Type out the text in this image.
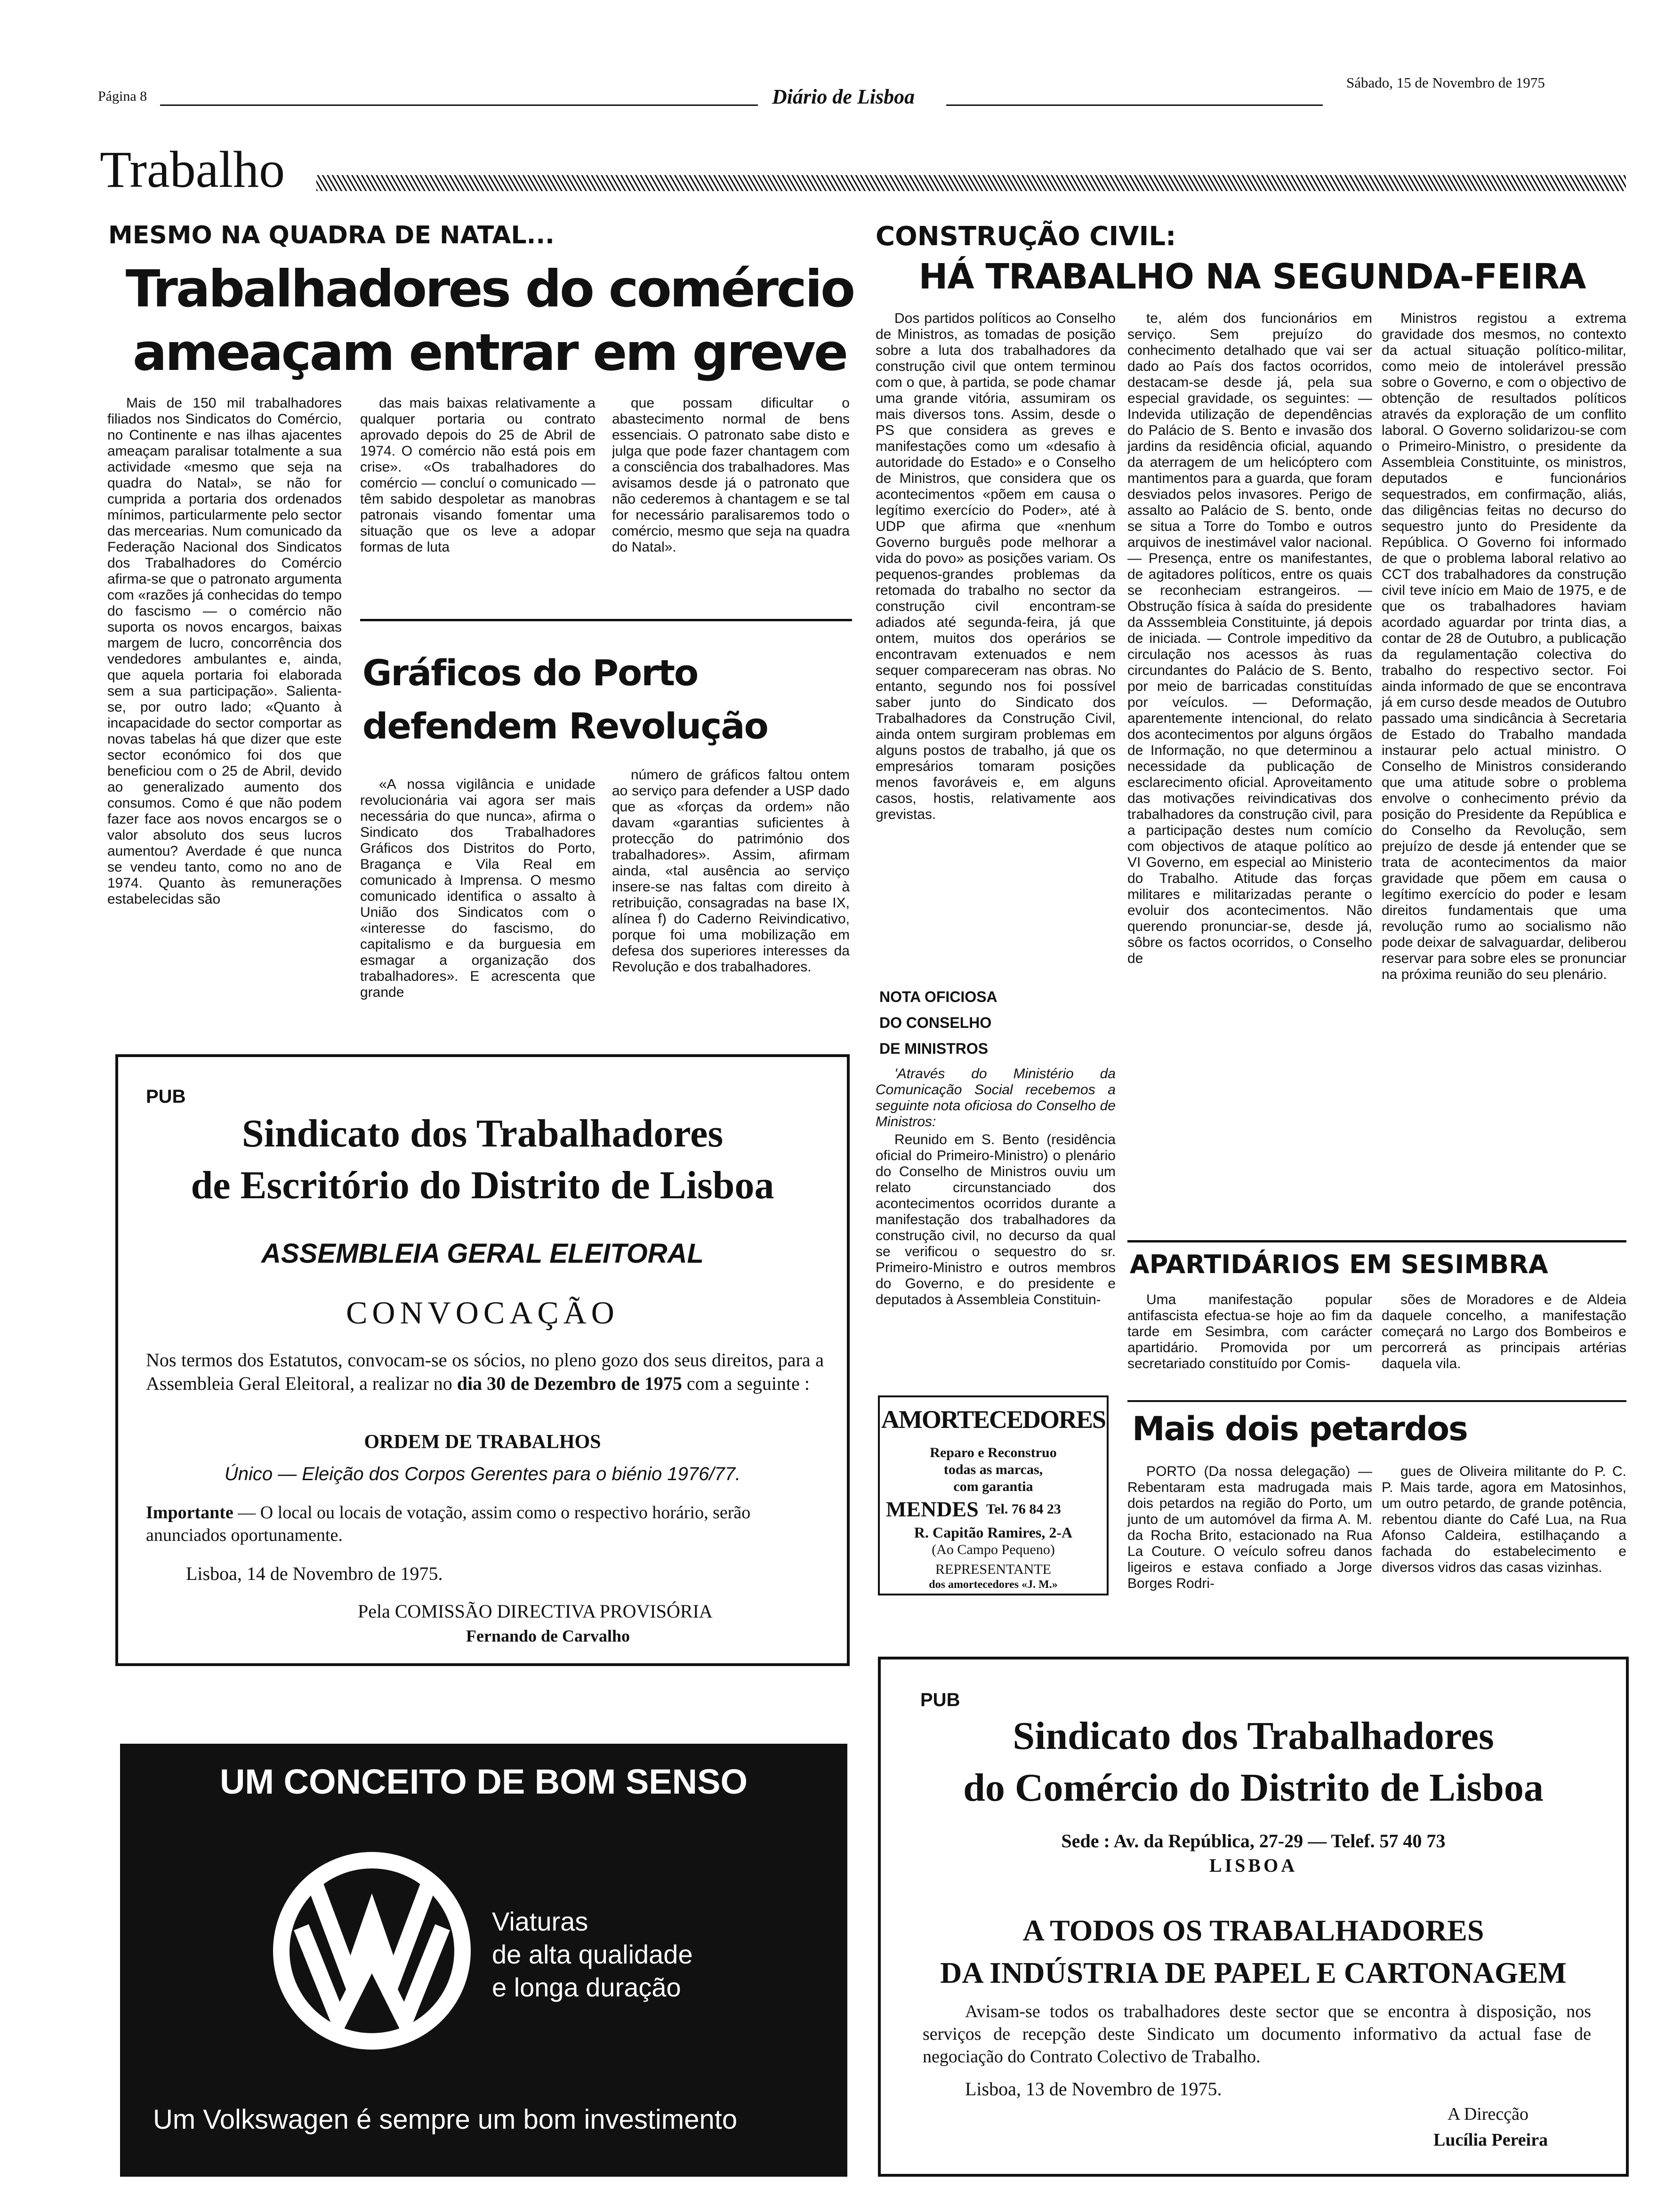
Página 8	Diário de Lisboa
Sábado, 15 de Novembro de 1975
Trabalho
MESMO NA QUADRA DE NATAL...
Trabalhadores do comércio
ameaçam entrar em greve

Mais de 150 mil trabalhadores filiados nos Sindicatos do Comércio, no Continente e nas ilhas ajacentes ameaçam paralisar totalmente a sua actividade «mesmo que seja na quadra do Natal», se não for cumprida a portaria dos ordenados mínimos, particularmente pelo sector das mercearias. Num comunicado da Federação Nacional dos Sindicatos dos Trabalhadores do Comércio afirma-se que o patronato argumenta com «razões já conhecidas do tempo do fascismo — o comércio não suporta os novos encargos, baixas margem de lucro, concorrência dos vendedores ambulantes e, ainda, que aquela portaria foi elaborada sem a sua participação». Salienta-se, por outro lado; «Quanto à incapacidade do sector comportar as novas tabelas há que dizer que este sector económico foi dos que beneficiou com o 25 de Abril, devido ao generalizado aumento dos consumos. Como é que não podem fazer face aos novos encargos se o valor absoluto dos seus lucros aumentou? Averdade é que nunca se vendeu tanto, como no ano de 1974. Quanto às remunerações estabelecidas são

das mais baixas relativamente a qualquer portaria ou contrato aprovado depois do 25 de Abril de 1974. O comércio não está pois em crise». «Os trabalhadores do comércio — concluí o comunicado — têm sabido despoletar as manobras patronais visando fomentar uma situação que os leve a adopar formas de luta

que possam dificultar o abastecimento normal de bens essenciais. O patronato sabe disto e julga que pode fazer chantagem com a consciência dos trabalhadores. Mas avisamos desde já o patronato que não cederemos à chantagem e se tal for necessário paralisaremos todo o comércio, mesmo que seja na quadra do Natal».

Gráficos do Porto
defendem Revolução

«A nossa vigilância e unidade revolucionária vai agora ser mais necessária do que nunca», afirma o Sindicato dos Trabalhadores Gráficos dos Distritos do Porto, Bragança e Vila Real em comunicado à Imprensa. O mesmo comunicado identifica o assalto à União dos Sindicatos com o «interesse do fascismo, do capitalismo e da burguesia em esmagar a organização dos trabalhadores». E acrescenta que grande

número de gráficos faltou ontem ao serviço para defender a USP dado que as «forças da ordem» não davam «garantias suficientes à protecção do património dos trabalhadores». Assim, afirmam ainda, «tal ausência ao serviço insere-se nas faltas com direito à retribuição, consagradas na base IX, alínea f) do Caderno Reivindicativo, porque foi uma mobilização em defesa dos superiores interesses da Revolução e dos trabalhadores.

PUB
Sindicato dos Trabalhadores
de Escritório do Distrito de Lisboa
ASSEMBLEIA GERAL ELEITORAL
CONVOCAÇÃO
Nos termos dos Estatutos, convocam-se os sócios, no pleno gozo dos seus direitos, para a Assembleia Geral Eleitoral, a realizar no dia 30 de Dezembro de 1975 com a seguinte :
ORDEM DE TRABALHOS
Único — Eleição dos Corpos Gerentes para o biénio 1976/77.
Importante — O local ou locais de votação, assim como o respectivo horário, serão anunciados oportunamente.
Lisboa, 14 de Novembro de 1975.
Pela COMISSÃO DIRECTIVA PROVISÓRIA
Fernando de Carvalho
UM CONCEITO DE BOM SENSO
Viaturas
de alta qualidade
e longa duração
Um Volkswagen é sempre um bom investimento
CONSTRUÇÃO CIVIL:
HÁ TRABALHO NA SEGUNDA-FEIRA

Dos partidos políticos ao Conselho de Ministros, as tomadas de posição sobre a luta dos trabalhadores da construção civil que ontem terminou com o que, à partida, se pode chamar uma grande vitória, assumiram os mais diversos tons. Assim, desde o PS que considera as greves e manifestações como um «desafio à autoridade do Estado» e o Conselho de Ministros, que considera que os acontecimentos «põem em causa o legítimo exercício do Poder», até à UDP que afirma que «nenhum Governo burguês pode melhorar a vida do povo» as posições variam. Os pequenos-grandes problemas da retomada do trabalho no sector da construção civil encontram-se adiados até segunda-feira, já que ontem, muitos dos operários se encontravam extenuados e nem sequer compareceram nas obras. No entanto, segundo nos foi possível saber junto do Sindicato dos Trabalhadores da Construção Civil, ainda ontem surgiram problemas em alguns postos de trabalho, já que os empresários tomaram posições menos favoráveis e, em alguns casos, hostis, relativamente aos grevistas.

NOTA OFICIOSA
DO CONSELHO
DE MINISTROS

'Através do Ministério da Comunicação Social recebemos a seguinte nota oficiosa do Conselho de Ministros:

Reunido em S. Bento (residência oficial do Primeiro-Ministro) o plenário do Conselho de Ministros ouviu um relato circunstanciado dos acontecimentos ocorridos durante a manifestação dos trabalhadores da construção civil, no decurso da qual se verificou o sequestro do sr. Primeiro-Ministro e outros membros do Governo, e do presidente e deputados à Assembleia Constituin-

te, além dos funcionários em serviço. Sem prejuízo do conhecimento detalhado que vai ser dado ao País dos factos ocorridos, destacam-se desde já, pela sua especial gravidade, os seguintes: — Indevida utilização de dependências do Palácio de S. Bento e invasão dos jardins da residência oficial, aquando da aterragem de um helicóptero com mantimentos para a guarda, que foram desviados pelos invasores. Perigo de assalto ao Palácio de S. bento, onde se situa a Torre do Tombo e outros arquivos de inestimável valor nacional. — Presença, entre os manifestantes, de agitadores políticos, entre os quais se reconheciam estrangeiros. — Obstrução física à saída do presidente da Asssembleia Constituinte, já depois de iniciada. — Controle impeditivo da circulação nos acessos às ruas circundantes do Palácio de S. Bento, por meio de barricadas constituídas por veículos. — Deformação, aparentemente intencional, do relato dos acontecimentos por alguns órgãos de Informação, no que determinou a necessidade da publicação de esclarecimento oficial. Aproveitamento das motivações reivindicativas dos trabalhadores da construção civil, para a participação destes num comício com objectivos de ataque político ao VI Governo, em especial ao Ministerio do Trabalho. Atitude das forças militares e militarizadas perante o evoluir dos acontecimentos. Não querendo pronunciar-se, desde já, sôbre os factos ocorridos, o Conselho de

Ministros registou a extrema gravidade dos mesmos, no contexto da actual situação político-militar, como meio de intolerável pressão sobre o Governo, e com o objectivo de obtenção de resultados políticos através da exploração de um conflito laboral. O Governo solidarizou-se com o Primeiro-Ministro, o presidente da Assembleia Constituinte, os ministros, deputados e funcionários sequestrados, em confirmação, aliás, das diligências feitas no decurso do sequestro junto do Presidente da República. O Governo foi informado de que o problema laboral relativo ao CCT dos trabalhadores da construção civil teve início em Maio de 1975, e de que os trabalhadores haviam acordado aguardar por trinta dias, a contar de 28 de Outubro, a publicação da regulamentação colectiva do trabalho do respectivo sector. Foi ainda informado de que se encontrava já em curso desde meados de Outubro passado uma sindicância à Secretaria de Estado do Trabalho mandada instaurar pelo actual ministro. O Conselho de Ministros considerando que uma atitude sobre o problema envolve o conhecimento prévio da posição do Presidente da República e do Conselho da Revolução, sem prejuízo de desde já entender que se trata de acontecimentos da maior gravidade que põem em causa o legítimo exercício do poder e lesam direitos fundamentais que uma revolução rumo ao socialismo não pode deixar de salvaguardar, deliberou reservar para sobre eles se pronunciar na próxima reunião do seu plenário.

APARTIDÁRIOS EM SESIMBRA

Uma manifestação popular antifascista efectua-se hoje ao fim da tarde em Sesimbra, com carácter apartidário. Promovida por um secretariado constituído por Comis-

sões de Moradores e de Aldeia daquele concelho, a manifestação começará no Largo dos Bombeiros e percorrerá as principais artérias daquela vila.

AMORTECEDORES
Reparo e Reconstruo
todas as marcas,
com garantia
MENDES Tel. 76 84 23
R. Capitão Ramires, 2-A
(Ao Campo Pequeno)
REPRESENTANTE
dos amortecedores «J. M.»
Mais dois petardos

PORTO (Da nossa delegação) — Rebentaram esta madrugada mais dois petardos na região do Porto, um junto de um automóvel da firma A. M. da Rocha Brito, estacionado na Rua La Couture. O veículo sofreu danos ligeiros e estava confiado a Jorge Borges Rodri-

gues de Oliveira militante do P. C. P. Mais tarde, agora em Matosinhos, um outro petardo, de grande potência, rebentou diante do Café Lua, na Rua Afonso Caldeira, estilhaçando a fachada do estabelecimento e diversos vidros das casas vizinhas.

PUB
Sindicato dos Trabalhadores
do Comércio do Distrito de Lisboa
Sede : Av. da República, 27-29 — Telef. 57 40 73
LISBOA
A TODOS OS TRABALHADORES
DA INDÚSTRIA DE PAPEL E CARTONAGEM
Avisam-se todos os trabalhadores deste sector que se encontra à disposição, nos serviços de recepção deste Sindicato um documento informativo da actual fase de negociação do Contrato Colectivo de Trabalho.
Lisboa, 13 de Novembro de 1975.
A Direcção
Lucília Pereira
